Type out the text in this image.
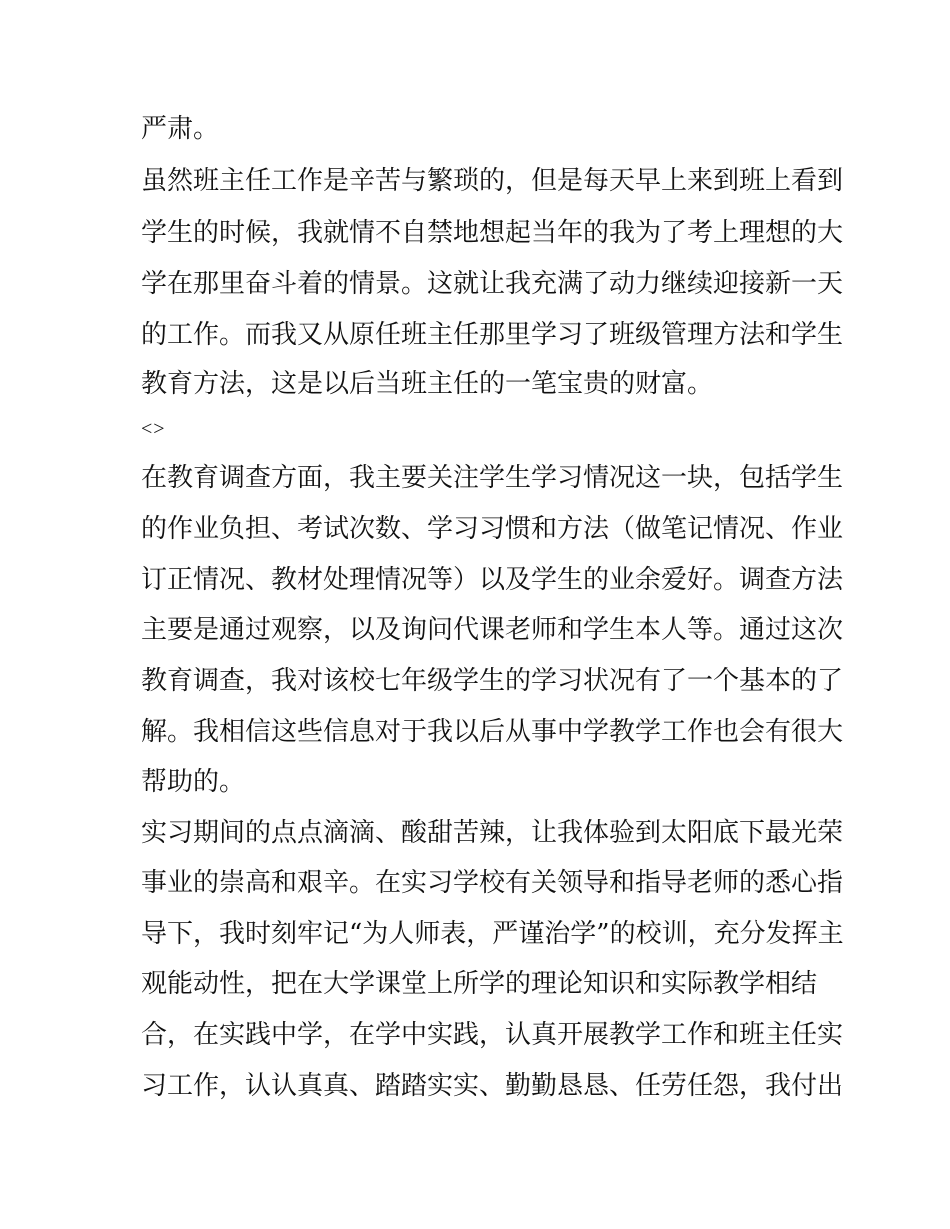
严肃。

虽然班主任工作是辛苦与繁琐的，但是每天早上来到班上看到

学生的时候，我就情不自禁地想起当年的我为了考上理想的大

学在那里奋斗着的情景。这就让我充满了动力继续迎接新一天

的工作。而我又从原任班主任那里学习了班级管理方法和学生

教育方法，这是以后当班主任的一笔宝贵的财富。

<>

在教育调查方面，我主要关注学生学习情况这一块，包括学生

的作业负担、考试次数、学习习惯和方法（做笔记情况、作业

订正情况、教材处理情况等）以及学生的业余爱好。调查方法

主要是通过观察，以及询问代课老师和学生本人等。通过这次

教育调查，我对该校七年级学生的学习状况有了一个基本的了

解。我相信这些信息对于我以后从事中学教学工作也会有很大

帮助的。

实习期间的点点滴滴、酸甜苦辣，让我体验到太阳底下最光荣

事业的崇高和艰辛。在实习学校有关领导和指导老师的悉心指

导下，我时刻牢记“为人师表，严谨治学”的校训，充分发挥主

观能动性，把在大学课堂上所学的理论知识和实际教学相结

合，在实践中学，在学中实践，认真开展教学工作和班主任实

习工作，认认真真、踏踏实实、勤勤恳恳、任劳任怨，我付出
